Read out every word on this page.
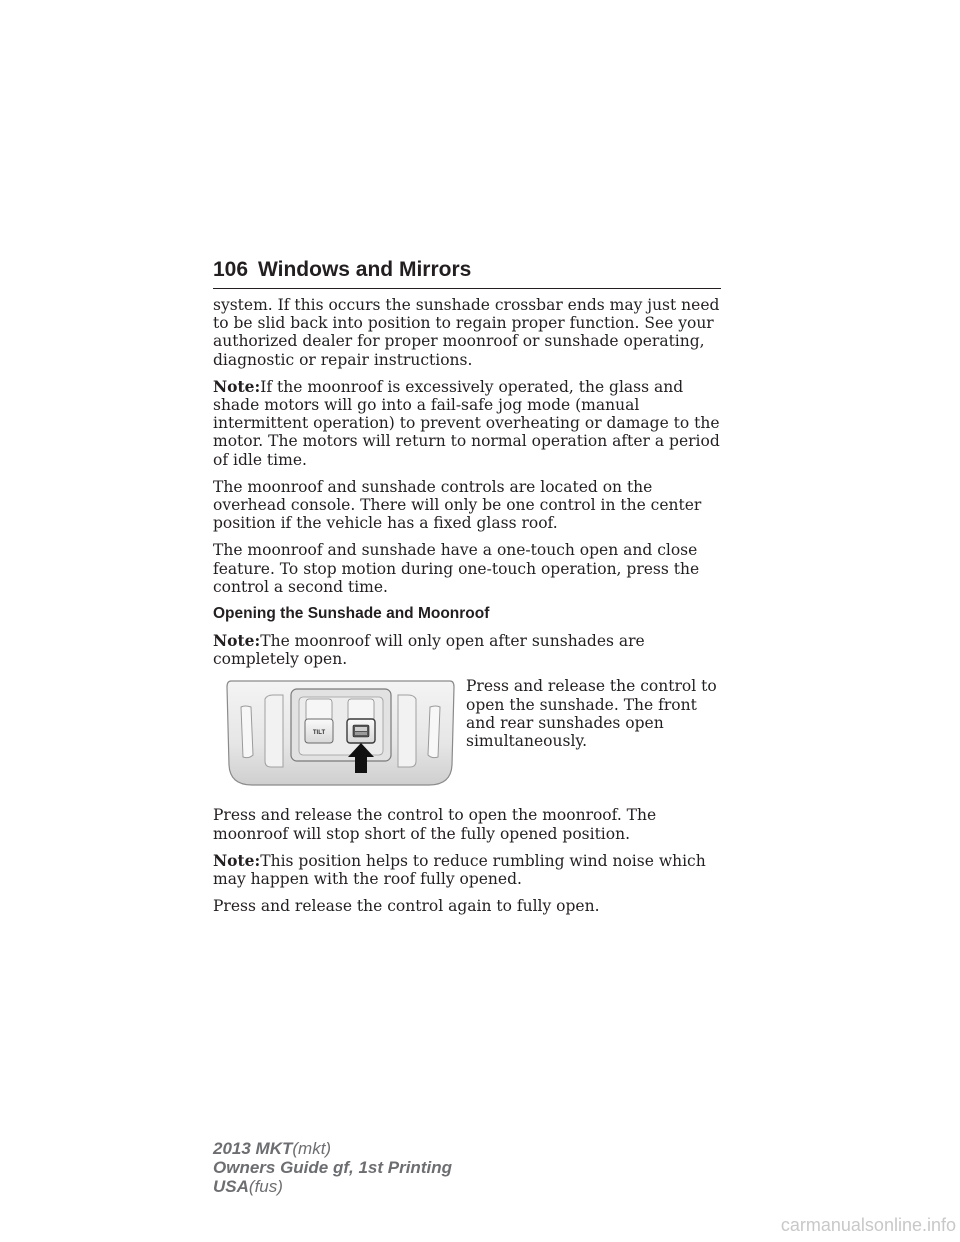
106 Windows and Mirrors

system. If this occurs the sunshade crossbar ends may just need to be slid back into position to regain proper function. See your authorized dealer for proper moonroof or sunshade operating, diagnostic or repair instructions.

Note:If the moonroof is excessively operated, the glass and shade motors will go into a fail-safe jog mode (manual intermittent operation) to prevent overheating or damage to the motor. The motors will return to normal operation after a period of idle time.

The moonroof and sunshade controls are located on the overhead console. There will only be one control in the center position if the vehicle has a fixed glass roof.

The moonroof and sunshade have a one-touch open and close feature. To stop motion during one-touch operation, press the control a second time.

Opening the Sunshade and Moonroof

Note:The moonroof will only open after sunshades are completely open.

TILT
Press and release the control to open the sunshade. The front and rear sunshades open simultaneously.

Press and release the control to open the moonroof. The moonroof will stop short of the fully opened position.

Note:This position helps to reduce rumbling wind noise which may happen with the roof fully opened.

Press and release the control again to fully open.

2013 MKT(mkt)
Owners Guide gf, 1st Printing
USA(fus)
carmanualsonline.info
